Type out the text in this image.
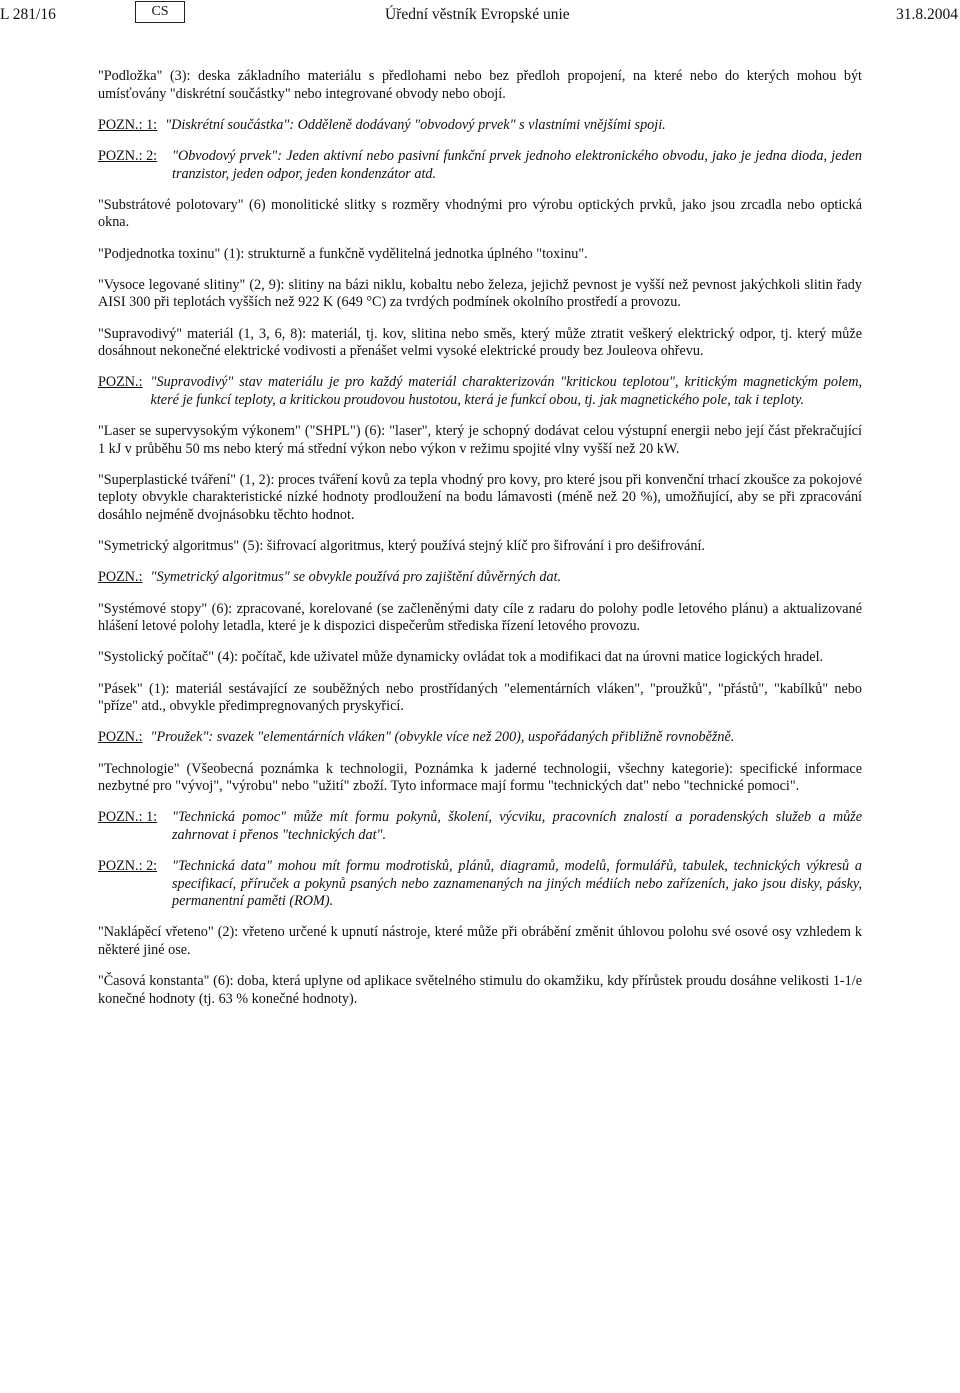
L 281/16	CS	Úřední věstník Evropské unie	31.8.2004

"Podložka" (3): deska základního materiálu s předlohami nebo bez předloh propojení, na které nebo do kterých mohou být umísťovány "diskrétní součástky" nebo integrované obvody nebo obojí.

POZN.: 1: "Diskrétní součástka": Odděleně dodávaný "obvodový prvek" s vlastními vnějšími spoji.
POZN.: 2:	"Obvodový prvek": Jeden aktivní nebo pasivní funkční prvek jednoho elektronického obvodu, jako je jedna dioda, jeden tranzistor, jeden odpor, jeden kondenzátor atd.

"Substrátové polotovary" (6) monolitické slitky s rozměry vhodnými pro výrobu optických prvků, jako jsou zrcadla nebo optická okna.

"Podjednotka toxinu" (1): strukturně a funkčně vydělitelná jednotka úplného "toxinu".

"Vysoce legované slitiny" (2, 9): slitiny na bázi niklu, kobaltu nebo železa, jejichž pevnost je vyšší než pevnost jakýchkoli slitin řady AISI 300 při teplotách vyšších než 922 K (649 °C) za tvrdých podmínek okolního prostředí a provozu.

"Supravodivý" materiál (1, 3, 6, 8): materiál, tj. kov, slitina nebo směs, který může ztratit veškerý elektrický odpor, tj. který může dosáhnout nekonečné elektrické vodivosti a přenášet velmi vysoké elektrické proudy bez Jouleova ohřevu.

POZN.: "Supravodivý" stav materiálu je pro každý materiál charakterizován "kritickou teplotou", kritickým magnetickým polem, které je funkcí teploty, a kritickou proudovou hustotou, která je funkcí obou, tj. jak magnetického pole, tak i teploty.

"Laser se supervysokým výkonem" ("SHPL") (6): "laser", který je schopný dodávat celou výstupní energii nebo její část překračující 1 kJ v průběhu 50 ms nebo který má střední výkon nebo výkon v režimu spojité vlny vyšší než 20 kW.

"Superplastické tváření" (1, 2): proces tváření kovů za tepla vhodný pro kovy, pro které jsou při konvenční trhací zkoušce za pokojové teploty obvykle charakteristické nízké hodnoty prodloužení na bodu lámavosti (méně než 20 %), umožňující, aby se při zpracování dosáhlo nejméně dvojnásobku těchto hodnot.

"Symetrický algoritmus" (5): šifrovací algoritmus, který používá stejný klíč pro šifrování i pro dešifrování.

POZN.: "Symetrický algoritmus" se obvykle používá pro zajištění důvěrných dat.

"Systémové stopy" (6): zpracované, korelované (se začleněnými daty cíle z radaru do polohy podle letového plánu) a aktualizované hlášení letové polohy letadla, které je k dispozici dispečerům střediska řízení letového provozu.

"Systolický počítač" (4): počítač, kde uživatel může dynamicky ovládat tok a modifikaci dat na úrovni matice logických hradel.

"Pásek" (1): materiál sestávající ze souběžných nebo prostřídaných "elementárních vláken", "proužků", "přástů", "kabílků" nebo "příze" atd., obvykle předimpregnovaných pryskyřicí.

POZN.: "Proužek": svazek "elementárních vláken" (obvykle více než 200), uspořádaných přibližně rovnoběžně.

"Technologie" (Všeobecná poznámka k technologii, Poznámka k jaderné technologii, všechny kategorie): specifické informace nezbytné pro "vývoj", "výrobu" nebo "užití" zboží. Tyto informace mají formu "technických dat" nebo "technické pomoci".

POZN.: 1:	"Technická pomoc" může mít formu pokynů, školení, výcviku, pracovních znalostí a poradenských služeb a může zahrnovat i přenos "technických dat".
POZN.: 2:	"Technická data" mohou mít formu modrotisků, plánů, diagramů, modelů, formulářů, tabulek, technických výkresů a specifikací, příruček a pokynů psaných nebo zaznamenaných na jiných médiích nebo zařízeních, jako jsou disky, pásky, permanentní paměti (ROM).

"Naklápěcí vřeteno" (2): vřeteno určené k upnutí nástroje, které může při obrábění změnit úhlovou polohu své osové osy vzhledem k některé jiné ose.

"Časová konstanta" (6): doba, která uplyne od aplikace světelného stimulu do okamžiku, kdy přírůstek proudu dosáhne velikosti 1-1/e konečné hodnoty (tj. 63 % konečné hodnoty).
